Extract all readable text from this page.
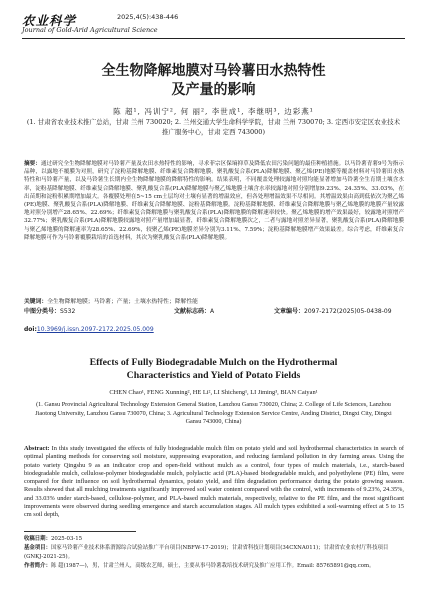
农业科学	2025,4(5):438-446
Journal of Gold-Arid Agricultural Science
全生物降解地膜对马铃薯田水热特性
及产量的影响
陈 超¹, 冯训宁², 何 丽², 李世成¹, 李继明³, 边彩燕¹
(1. 甘肃省农业技术推广总站，甘肃 兰州 730020; 2. 兰州交通大学生命科学学院，甘肃 兰州 730070; 3. 定西市安定区农业技术推广服务中心，甘肃 定西 743000)
摘要：通过研究全生物降解地膜对马铃薯产量及农田水热特性的影响，寻求菲宗区保墒抑草及降低农田污染问题的最佳种植措施。以马铃薯青薯9号为指示品种，以露地不覆膜为对照，研究了淀粉基降解地膜、纤维素复合降解地膜、聚乳酸复合系(PLA)降解地膜、聚乙烯(PE)地膜等覆盖材料对马铃薯田水热特性和马铃薯产量，以及马铃薯生长期内全生物降解地膜的降解特性的影响。结果表明，不同覆盖处理较露地对照均能显著增加马铃薯全生育期土壤含水率，淀粉基降解地膜、纤维素复合降解地膜、聚乳酸复合系(PLA)降解地膜与聚乙烯地膜土壤含水率较露地对照分别增加9.23%、24.35%、33.03%，在出苗期和淀粉积累期增加最大。各覆膜处理在5~15 cm土层均对土壤有显著的增温效应，但各处理增温效果不尽相同。其增温效果由高到低依次为聚乙烯(PE)地膜、聚乳酸复合系(PLA)降解地膜、纤维素复合降解地膜、淀粉基降解地膜。淀粉基降解地膜、纤维素复合降解地膜与聚乙烯地膜的地膜产量较露地对照分别增产28.65%、22.69%；纤维素复合降解地膜与聚乳酸复合系(PLA)降解地膜的降解速率较快。聚乙烯地膜的增产效果最好，较露地对照增产32.77%；聚乳酸复合系(PLA)降解地膜较露地对照产量增加最显著，纤维素复合降解地膜次之，二者与露地对照差异显著，聚乳酸复合系(PLA)降解地膜与聚乙烯地膜的降解速率为28.65%、22.69%，较聚乙烯(PE)地膜差异分别为3.11%、7.59%；淀粉基降解地膜增产效果最差。综合考虑，纤维素复合降解地膜可作为马铃薯覆膜栽培的首选材料，其次为聚乳酸复合系(PLA)降解地膜。
关键词：全生物降解地膜；马铃薯；产量；土壤水热特性；降解性能
中图分类号：S532	文献标志码：A	文章编号：2097-2172(2025)05-0438-09
doi:10.3969/j.issn.2097-2172.2025.05.009
Effects of Fully Biodegradable Mulch on the Hydrothermal
Characteristics and Yield of Potato Fields
CHEN Chao¹, FENG Xunning², HE Li², LI Shicheng¹, LI Jiming³, BIAN Caiyan¹
(1. Gansu Provincial Agricultural Technology Extension General Station, Lanzhou Gansu 730020, China; 2. College of Life Sciences, Lanzhou Jiaotong University, Lanzhou Gansu 730070, China; 3. Agricultural Technology Extension Service Centre, Anding District, Dingxi City, Dingxi Gansu 743000, China)
Abstract: In this study investigated the effects of fully biodegradable mulch film on potato yield and soil hydrothermal characteristics in search of optimal planting methods for conserving soil moisture, suppressing evaporation, and reducing farmland pollution in dry farming areas. Using the potato variety Qingshu 9 as an indicator crop and open-field without mulch as a control, four types of mulch materials, i.e., starch-based biodegradable mulch, cellulose-polymer biodegradable mulch, polylactic acid (PLA)-based biodegradable mulch, and polyethylene (PE) film, were compared for their influence on soil hydrothermal dynamics, potato yield, and film degradation performance during the potato growing season. Results showed that all mulching treatments significantly improved soil water content compared with the control, with increments of 9.23%, 24.35%, and 33.03% under starch-based, cellulose-polymer, and PLA-based mulch materials, respectively, relative to the PE film, and the most significant improvements were observed during seedling emergence and starch accumulation stages. All mulch types exhibited a soil-warming effect at 5 to 15 cm soil depth,
收稿日期：2025-03-15
基金项目：国家马铃薯产业技术体系渭源综合试验站推广平台项目(NBFW-17-2019)；甘肃省科技计划项目(34CXNA011)；甘肃省农业农村厅科技项目(GNKJ-2021-25)。
作者简介：陈 超(1987—)，男，甘肃兰州人，高级农艺师，硕士，主要从事马铃薯栽培技术研究及推广应用工作。Email: 85765891@qq.com。
